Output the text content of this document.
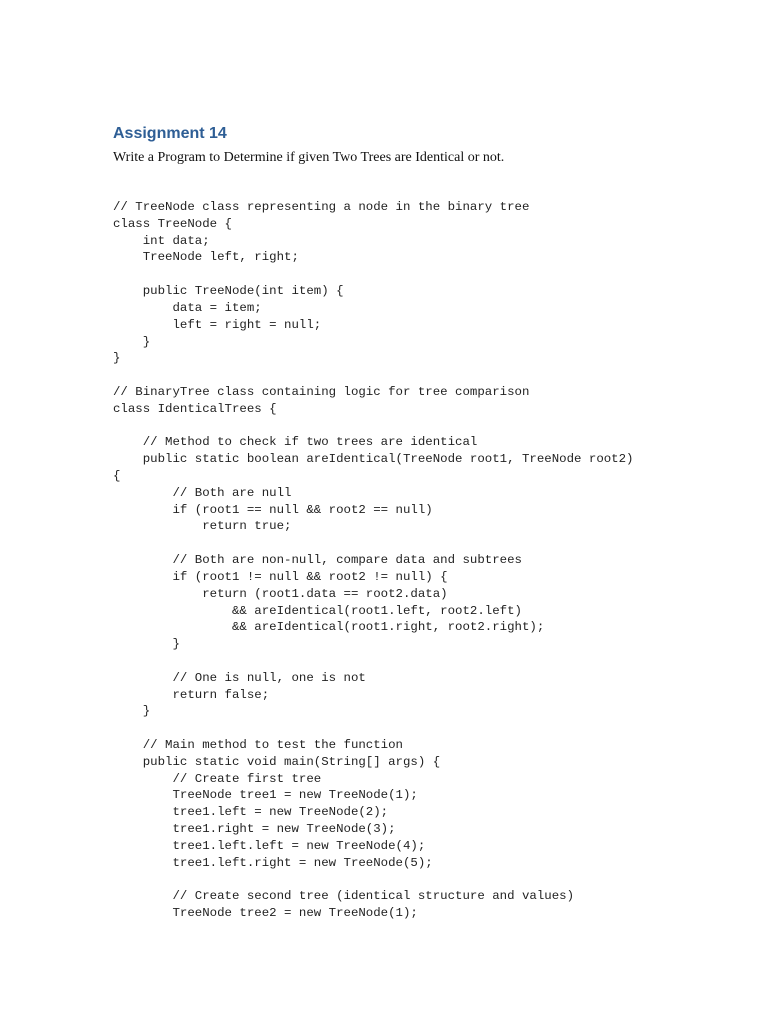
Assignment 14

Write a Program to Determine if given Two Trees are Identical or not.

// TreeNode class representing a node in the binary tree
class TreeNode {
int data;
TreeNode left, right;
public TreeNode(int item) {
data = item;
left = right = null;
}
}
// BinaryTree class containing logic for tree comparison
class IdenticalTrees {
// Method to check if two trees are identical
public static boolean areIdentical(TreeNode root1, TreeNode root2)
{
// Both are null
if (root1 == null && root2 == null)
return true;
// Both are non-null, compare data and subtrees
if (root1 != null && root2 != null) {
return (root1.data == root2.data)
&& areIdentical(root1.left, root2.left)
&& areIdentical(root1.right, root2.right);
}
// One is null, one is not
return false;
}
// Main method to test the function
public static void main(String[] args) {
// Create first tree
TreeNode tree1 = new TreeNode(1);
tree1.left = new TreeNode(2);
tree1.right = new TreeNode(3);
tree1.left.left = new TreeNode(4);
tree1.left.right = new TreeNode(5);
// Create second tree (identical structure and values)
TreeNode tree2 = new TreeNode(1);
